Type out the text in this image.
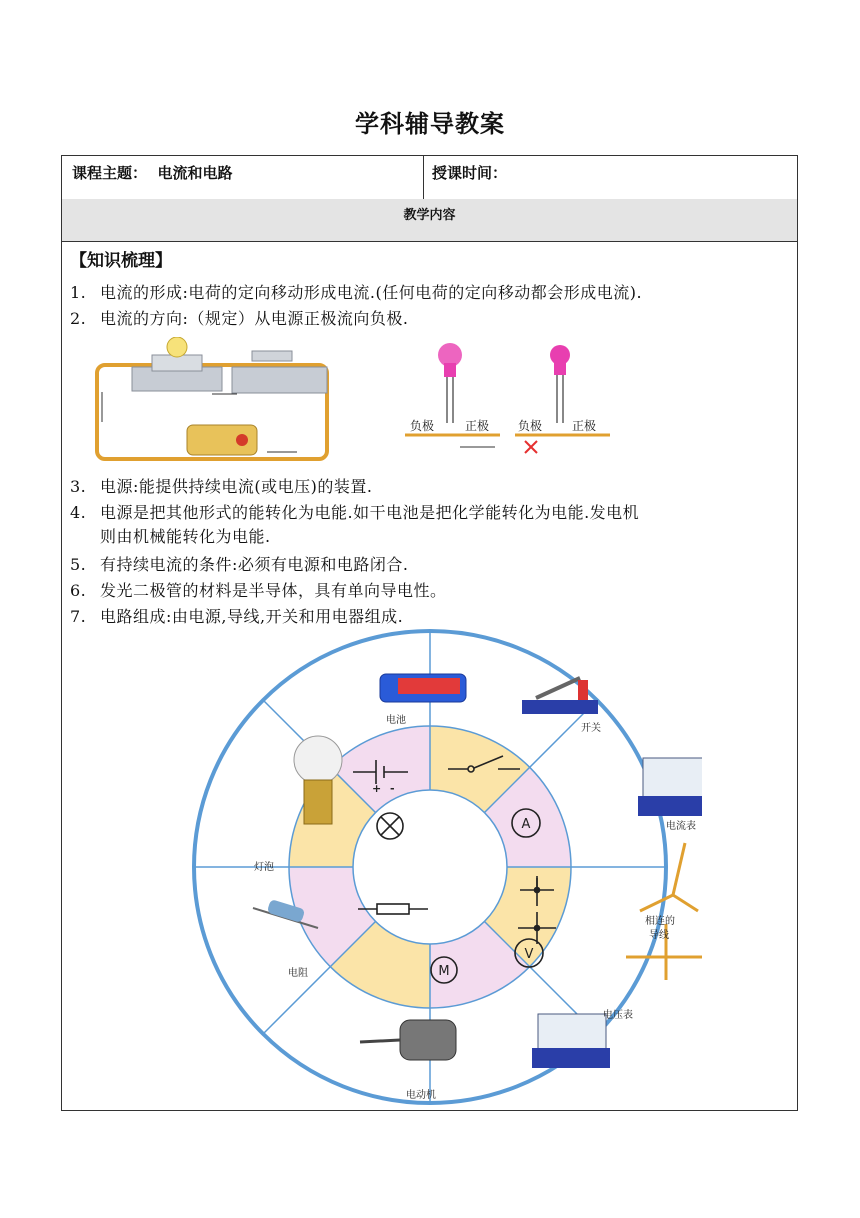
学科辅导教案
课程主题： 电流和电路	授课时间：
教学内容
【知识梳理】
1. 电流的形成:电荷的定向移动形成电流.(任何电荷的定向移动都会形成电流).
2. 电流的方向:（规定）从电源正极流向负极.
负极	正极 负极 正极
3. 电源:能提供持续电流(或电压)的装置.
4. 电源是把其他形式的能转化为电能.如干电池是把化学能转化为电能.发电机
则由机械能转化为电能.
5. 有持续电流的条件:必须有电源和电路闭合.
6. 发光二极管的材料是半导体，具有单向导电性。
7. 电路组成:由电源,导线,开关和用电器组成.
+ -
A
V
M
电池
开关
电流表
相连的
导线
电压表
电动机
电阻
灯泡
